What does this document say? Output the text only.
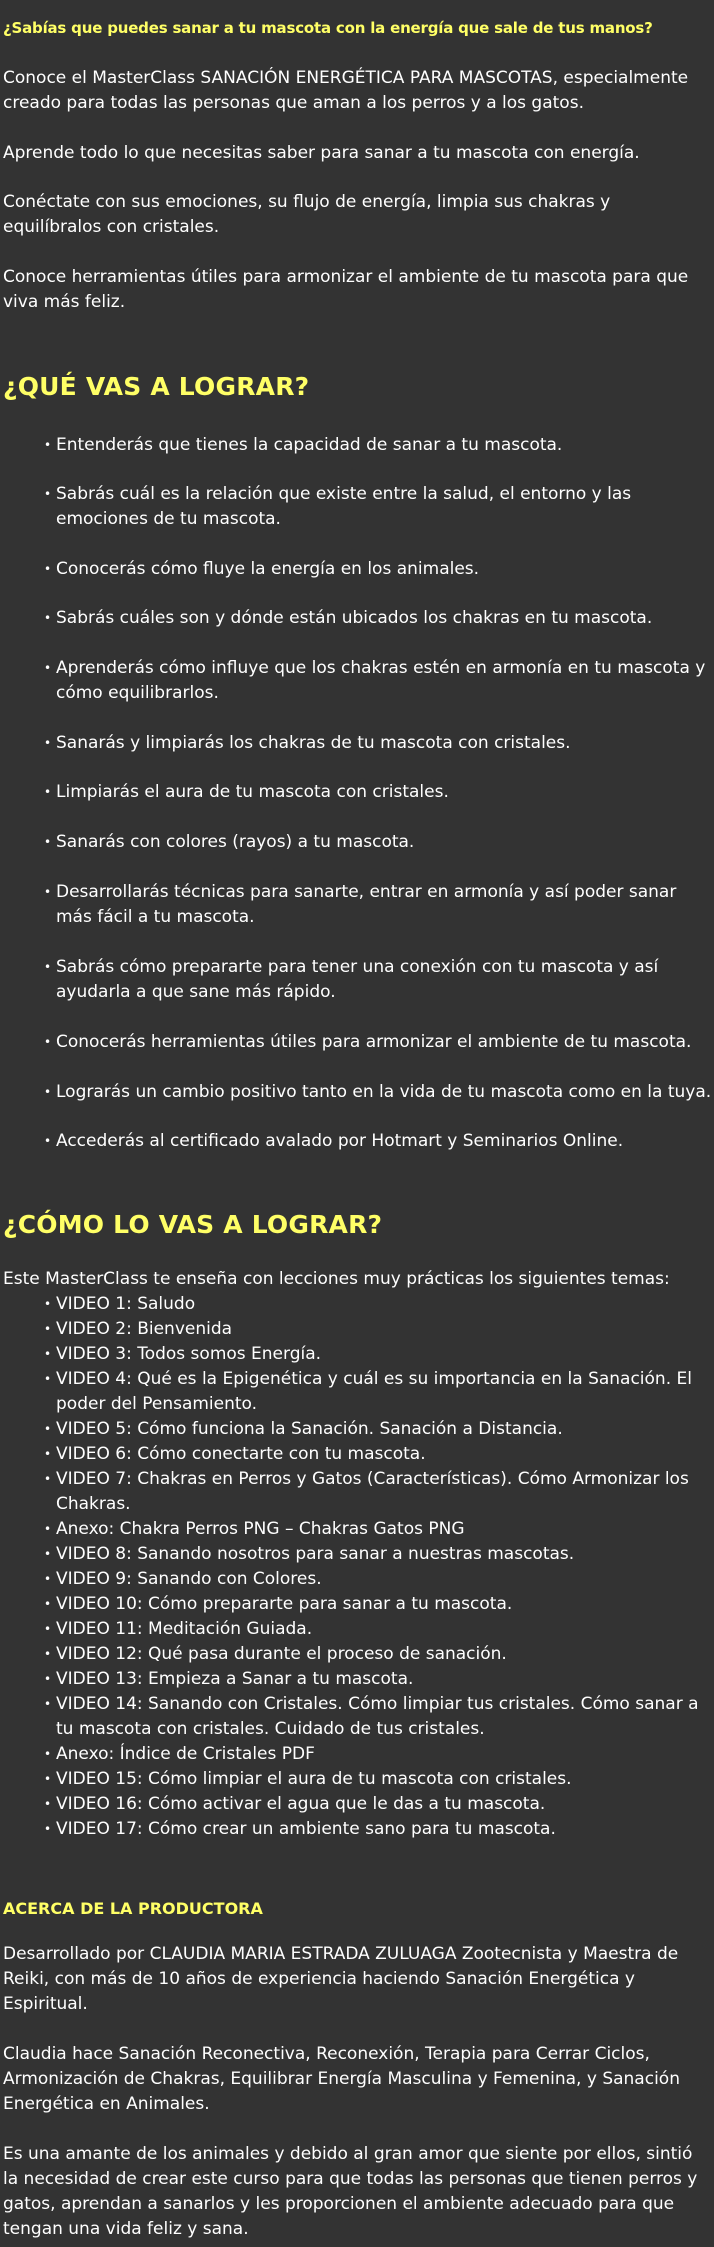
¿Sabías que puedes sanar a tu mascota con la energía que sale de tus manos?

Conoce el MasterClass SANACIÓN ENERGÉTICA PARA MASCOTAS, especialmente creado para todas las personas que aman a los perros y a los gatos.

Aprende todo lo que necesitas saber para sanar a tu mascota con energía.

Conéctate con sus emociones, su flujo de energía, limpia sus chakras y equilíbralos con cristales.

Conoce herramientas útiles para armonizar el ambiente de tu mascota para que viva más feliz.

¿QUÉ VAS A LOGRAR?
• Entenderás que tienes la capacidad de sanar a tu mascota.
• Sabrás cuál es la relación que existe entre la salud, el entorno y las emociones de tu mascota.
• Conocerás cómo fluye la energía en los animales.
• Sabrás cuáles son y dónde están ubicados los chakras en tu mascota.
• Aprenderás cómo influye que los chakras estén en armonía en tu mascota y cómo equilibrarlos.
• Sanarás y limpiarás los chakras de tu mascota con cristales.
• Limpiarás el aura de tu mascota con cristales.
• Sanarás con colores (rayos) a tu mascota.
• Desarrollarás técnicas para sanarte, entrar en armonía y así poder sanar más fácil a tu mascota.
• Sabrás cómo prepararte para tener una conexión con tu mascota y así ayudarla a que sane más rápido.
• Conocerás herramientas útiles para armonizar el ambiente de tu mascota.
• Lograrás un cambio positivo tanto en la vida de tu mascota como en la tuya.
• Accederás al certificado avalado por Hotmart y Seminarios Online.
¿CÓMO LO VAS A LOGRAR?

Este MasterClass te enseña con lecciones muy prácticas los siguientes temas:

• VIDEO 1: Saludo
• VIDEO 2: Bienvenida
• VIDEO 3: Todos somos Energía.
• VIDEO 4: Qué es la Epigenética y cuál es su importancia en la Sanación. El poder del Pensamiento.
• VIDEO 5: Cómo funciona la Sanación. Sanación a Distancia.
• VIDEO 6: Cómo conectarte con tu mascota.
• VIDEO 7: Chakras en Perros y Gatos (Características). Cómo Armonizar los Chakras.
• Anexo: Chakra Perros PNG – Chakras Gatos PNG
• VIDEO 8: Sanando nosotros para sanar a nuestras mascotas.
• VIDEO 9: Sanando con Colores.
• VIDEO 10: Cómo prepararte para sanar a tu mascota.
• VIDEO 11: Meditación Guiada.
• VIDEO 12: Qué pasa durante el proceso de sanación.
• VIDEO 13: Empieza a Sanar a tu mascota.
• VIDEO 14: Sanando con Cristales. Cómo limpiar tus cristales. Cómo sanar a tu mascota con cristales. Cuidado de tus cristales.
• Anexo: Índice de Cristales PDF
• VIDEO 15: Cómo limpiar el aura de tu mascota con cristales.
• VIDEO 16: Cómo activar el agua que le das a tu mascota.
• VIDEO 17: Cómo crear un ambiente sano para tu mascota.
ACERCA DE LA PRODUCTORA

Desarrollado por CLAUDIA MARIA ESTRADA ZULUAGA Zootecnista y Maestra de Reiki, con más de 10 años de experiencia haciendo Sanación Energética y Espiritual.

Claudia hace Sanación Reconectiva, Reconexión, Terapia para Cerrar Ciclos, Armonización de Chakras, Equilibrar Energía Masculina y Femenina, y Sanación Energética en Animales.

Es una amante de los animales y debido al gran amor que siente por ellos, sintió la necesidad de crear este curso para que todas las personas que tienen perros y gatos, aprendan a sanarlos y les proporcionen el ambiente adecuado para que tengan una vida feliz y sana.
